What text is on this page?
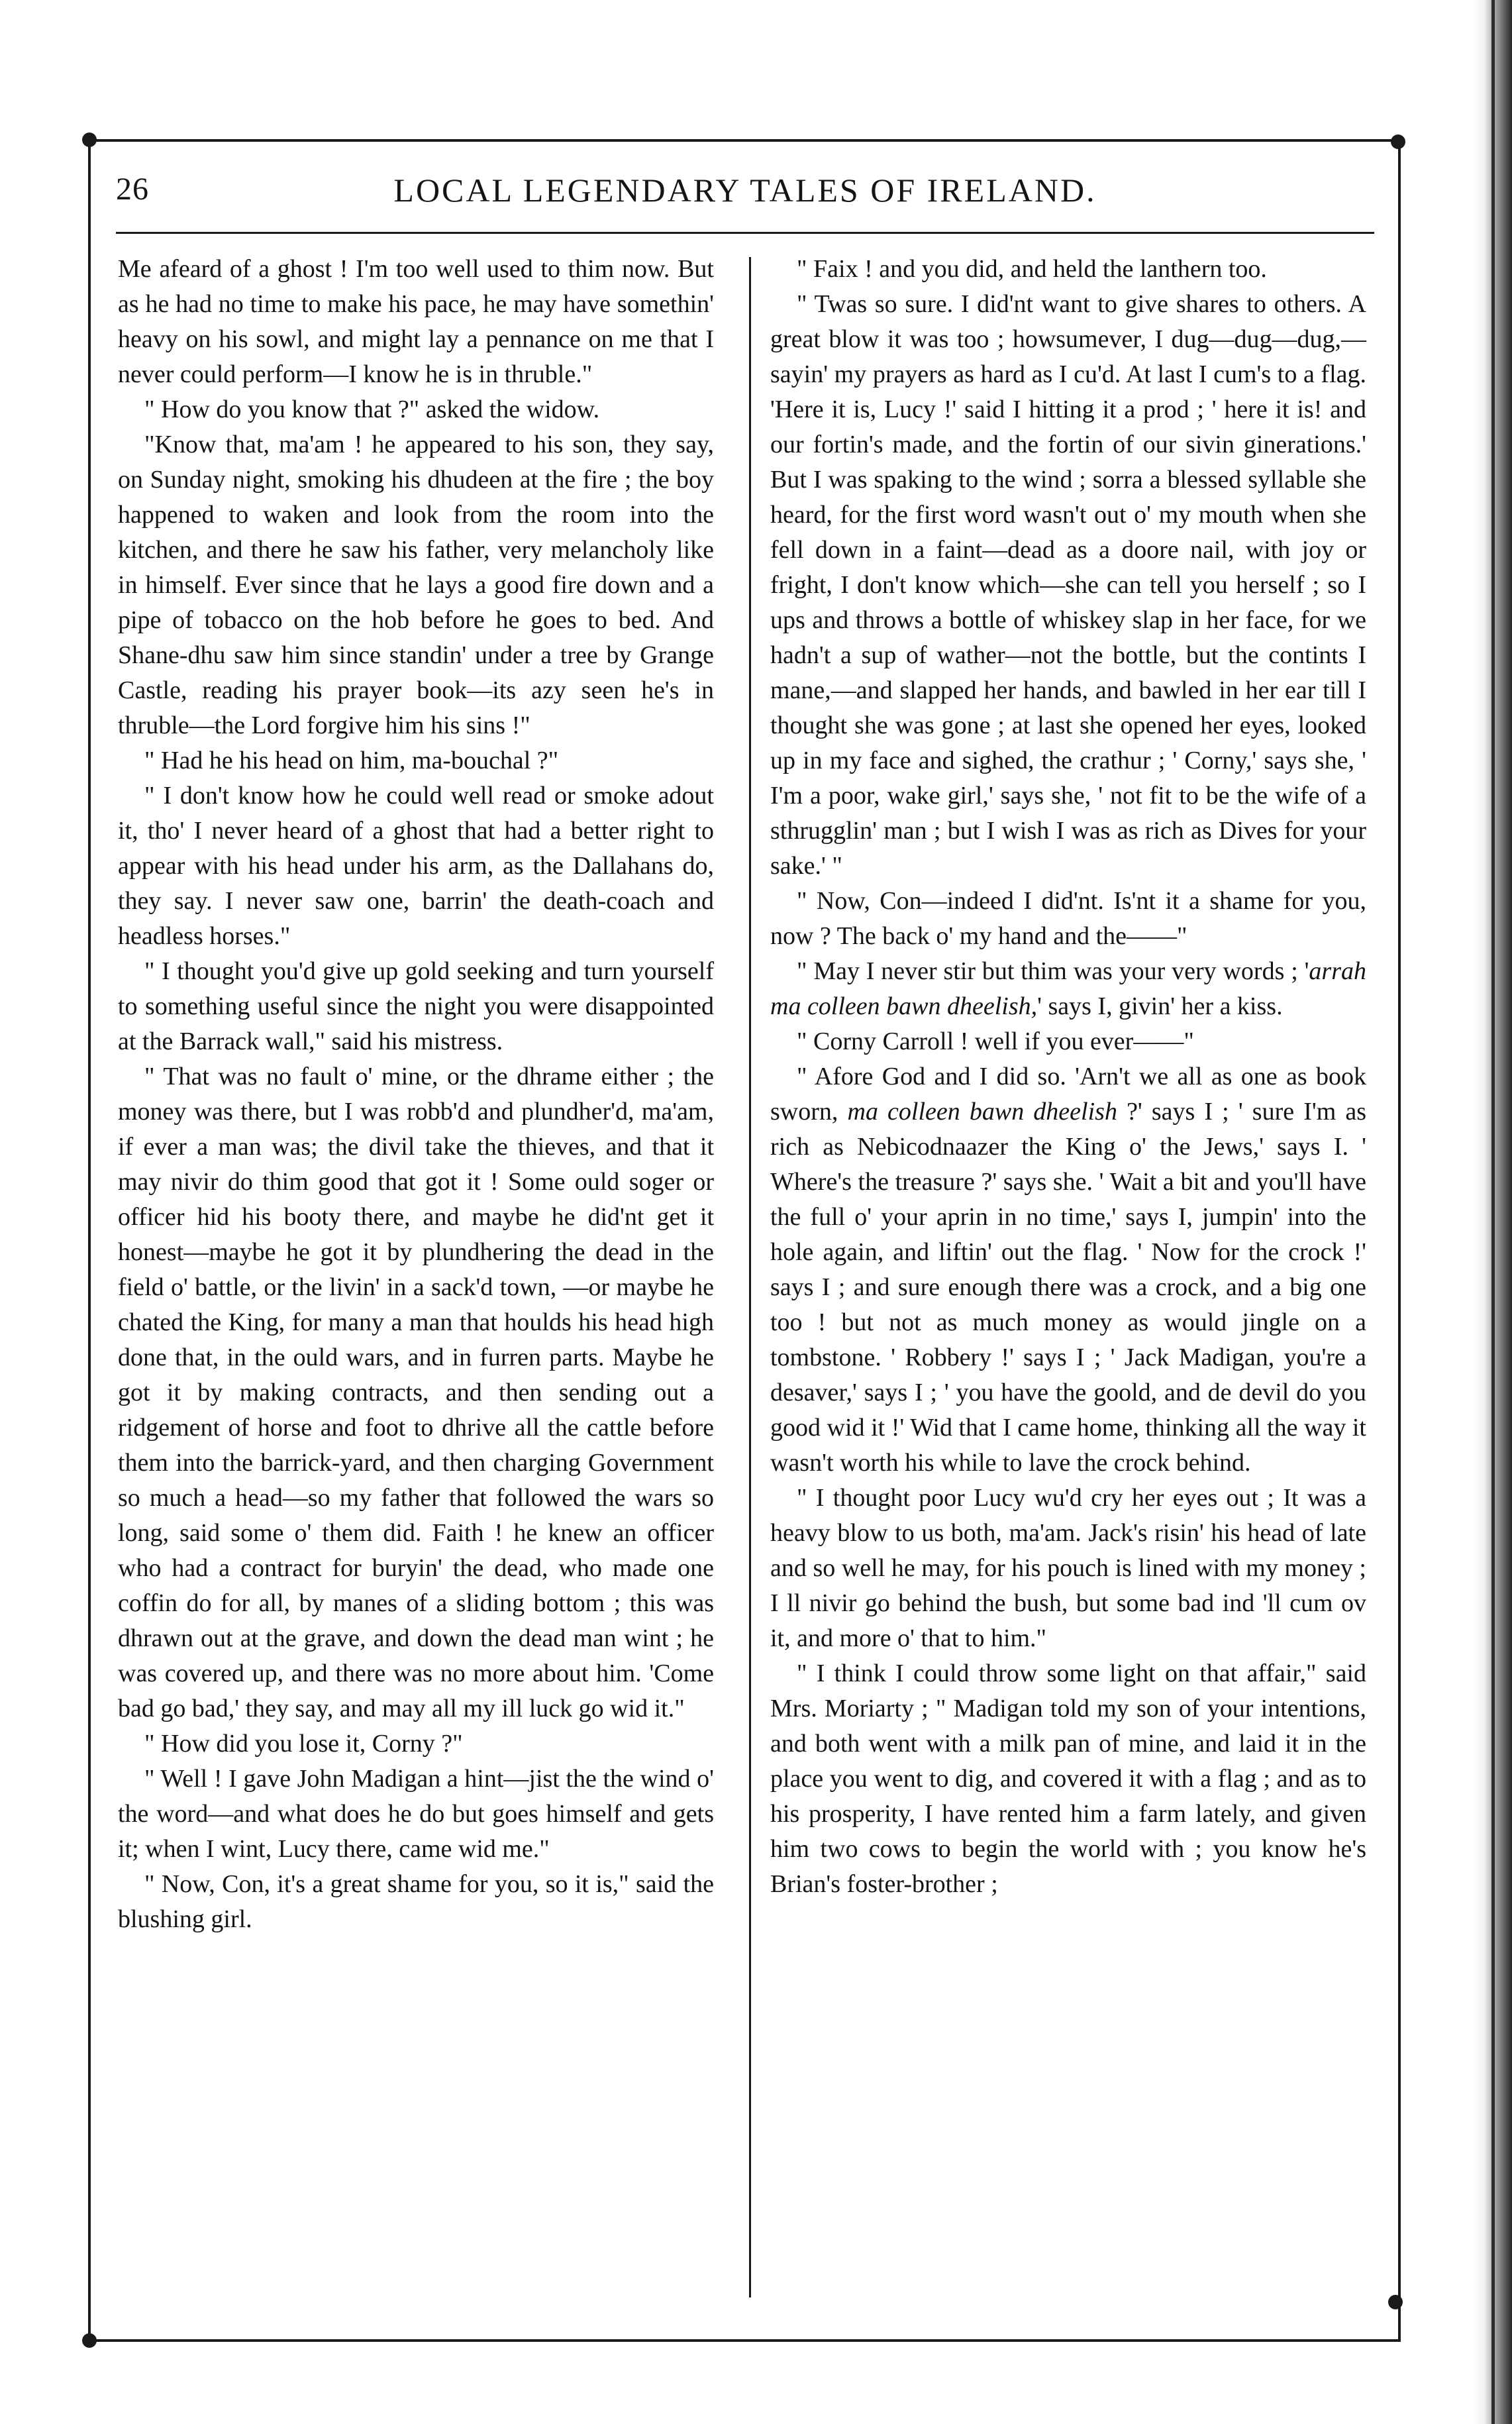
26	LOCAL LEGENDARY TALES OF IRELAND.

Me afeard of a ghost ! I'm too well used to thim now. But as he had no time to make his pace, he may have somethin' heavy on his sowl, and might lay a pennance on me that I never could perform—I know he is in thruble."

" How do you know that ?" asked the widow.

"Know that, ma'am ! he appeared to his son, they say, on Sunday night, smoking his dhudeen at the fire ; the boy happened to waken and look from the room into the kitchen, and there he saw his father, very melancholy like in himself. Ever since that he lays a good fire down and a pipe of tobacco on the hob before he goes to bed. And Shane-dhu saw him since standin' under a tree by Grange Castle, reading his prayer book—its azy seen he's in thruble—the Lord forgive him his sins !"

" Had he his head on him, ma-bouchal ?"

" I don't know how he could well read or smoke adout it, tho' I never heard of a ghost that had a better right to appear with his head under his arm, as the Dallahans do, they say. I never saw one, barrin' the death-coach and headless horses."

" I thought you'd give up gold seeking and turn yourself to something useful since the night you were disappointed at the Barrack wall," said his mistress.

" That was no fault o' mine, or the dhrame either ; the money was there, but I was robb'd and plundher'd, ma'am, if ever a man was; the divil take the thieves, and that it may nivir do thim good that got it ! Some ould soger or officer hid his booty there, and maybe he did'nt get it honest—maybe he got it by plundhering the dead in the field o' battle, or the livin' in a sack'd town, —or maybe he chated the King, for many a man that houlds his head high done that, in the ould wars, and in furren parts. Maybe he got it by making contracts, and then sending out a ridgement of horse and foot to dhrive all the cattle before them into the barrick-yard, and then charging Government so much a head—so my father that followed the wars so long, said some o' them did. Faith ! he knew an officer who had a contract for buryin' the dead, who made one coffin do for all, by manes of a sliding bottom ; this was dhrawn out at the grave, and down the dead man wint ; he was covered up, and there was no more about him. 'Come bad go bad,' they say, and may all my ill luck go wid it."

" How did you lose it, Corny ?"

" Well ! I gave John Madigan a hint—jist the the wind o' the word—and what does he do but goes himself and gets it; when I wint, Lucy there, came wid me."

" Now, Con, it's a great shame for you, so it is," said the blushing girl.

" Faix ! and you did, and held the lanthern too.

" Twas so sure. I did'nt want to give shares to others. A great blow it was too ; howsumever, I dug—dug—dug,—sayin' my prayers as hard as I cu'd. At last I cum's to a flag. 'Here it is, Lucy !' said I hitting it a prod ; ' here it is! and our fortin's made, and the fortin of our sivin ginerations.' But I was spaking to the wind ; sorra a blessed syllable she heard, for the first word wasn't out o' my mouth when she fell down in a faint—dead as a doore nail, with joy or fright, I don't know which—she can tell you herself ; so I ups and throws a bottle of whiskey slap in her face, for we hadn't a sup of wather—not the bottle, but the contints I mane,—and slapped her hands, and bawled in her ear till I thought she was gone ; at last she opened her eyes, looked up in my face and sighed, the crathur ; ' Corny,' says she, ' I'm a poor, wake girl,' says she, ' not fit to be the wife of a sthrugglin' man ; but I wish I was as rich as Dives for your sake.' "

" Now, Con—indeed I did'nt. Is'nt it a shame for you, now ? The back o' my hand and the——"

" May I never stir but thim was your very words ; 'arrah ma colleen bawn dheelish,' says I, givin' her a kiss.

" Corny Carroll ! well if you ever——"

" Afore God and I did so. 'Arn't we all as one as book sworn, ma colleen bawn dheelish ?' says I ; ' sure I'm as rich as Nebicodnaazer the King o' the Jews,' says I. ' Where's the treasure ?' says she. ' Wait a bit and you'll have the full o' your aprin in no time,' says I, jumpin' into the hole again, and liftin' out the flag. ' Now for the crock !' says I ; and sure enough there was a crock, and a big one too ! but not as much money as would jingle on a tombstone. ' Robbery !' says I ; ' Jack Madigan, you're a desaver,' says I ; ' you have the goold, and de devil do you good wid it !' Wid that I came home, thinking all the way it wasn't worth his while to lave the crock behind.

" I thought poor Lucy wu'd cry her eyes out ; It was a heavy blow to us both, ma'am. Jack's risin' his head of late and so well he may, for his pouch is lined with my money ; I ll nivir go behind the bush, but some bad ind 'll cum ov it, and more o' that to him."

" I think I could throw some light on that affair," said Mrs. Moriarty ; " Madigan told my son of your intentions, and both went with a milk pan of mine, and laid it in the place you went to dig, and covered it with a flag ; and as to his prosperity, I have rented him a farm lately, and given him two cows to begin the world with ; you know he's Brian's foster-brother ;
